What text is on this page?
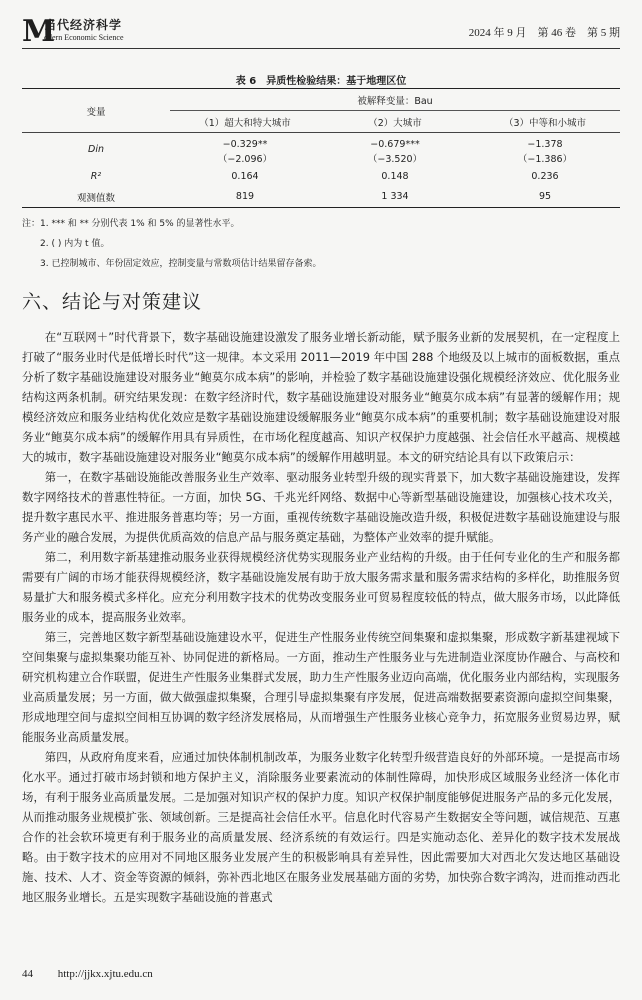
M
当代经济科学
odern Economic Science	2024 年 9 月　第 46 卷　第 5 期
表 6　异质性检验结果：基于地理区位
变量	被解释变量：Bau		
	（1）超大和特大城市	（2）大城市	（3）中等和小城市
Din	−0.329**	−0.679***	−1.378
	（−2.096）	（−3.520）	（−1.386）
R²	0.164	0.148	0.236
观测值数	819	1 334	95
注：1. *** 和 ** 分别代表 1% 和 5% 的显著性水平。
2. ( ) 内为 t 值。
3. 已控制城市、年份固定效应，控制变量与常数项估计结果留存备索。
六、结论与对策建议

在“互联网＋”时代背景下，数字基础设施建设激发了服务业增长新动能，赋予服务业新的发展契机，在一定程度上打破了“服务业时代是低增长时代”这一规律。本文采用 2011—2019 年中国 288 个地级及以上城市的面板数据，重点分析了数字基础设施建设对服务业“鲍莫尔成本病”的影响，并检验了数字基础设施建设强化规模经济效应、优化服务业结构这两条机制。研究结果发现：在数字经济时代，数字基础设施建设对服务业“鲍莫尔成本病”有显著的缓解作用；规模经济效应和服务业结构优化效应是数字基础设施建设缓解服务业“鲍莫尔成本病”的重要机制；数字基础设施建设对服务业“鲍莫尔成本病”的缓解作用具有异质性，在市场化程度越高、知识产权保护力度越强、社会信任水平越高、规模越大的城市，数字基础设施建设对服务业“鲍莫尔成本病”的缓解作用越明显。本文的研究结论具有以下政策启示：

第一，在数字基础设施能改善服务业生产效率、驱动服务业转型升级的现实背景下，加大数字基础设施建设，发挥数字网络技术的普惠性特征。一方面，加快 5G、千兆光纤网络、数据中心等新型基础设施建设，加强核心技术攻关，提升数字惠民水平、推进服务普惠均等；另一方面，重视传统数字基础设施改造升级，积极促进数字基础设施建设与服务产业的融合发展，为提供优质高效的信息产品与服务奠定基础，为整体产业效率的提升赋能。

第二，利用数字新基建推动服务业获得规模经济优势实现服务业产业结构的升级。由于任何专业化的生产和服务都需要有广阔的市场才能获得规模经济，数字基础设施发展有助于放大服务需求量和服务需求结构的多样化，助推服务贸易量扩大和服务模式多样化。应充分利用数字技术的优势改变服务业可贸易程度较低的特点，做大服务市场，以此降低服务业的成本，提高服务业效率。

第三，完善地区数字新型基础设施建设水平，促进生产性服务业传统空间集聚和虚拟集聚，形成数字新基建视域下空间集聚与虚拟集聚功能互补、协同促进的新格局。一方面，推动生产性服务业与先进制造业深度协作融合、与高校和研究机构建立合作联盟，促进生产性服务业集群式发展，助力生产性服务业迈向高端，优化服务业内部结构，实现服务业高质量发展；另一方面，做大做强虚拟集聚，合理引导虚拟集聚有序发展，促进高端数据要素资源向虚拟空间集聚，形成地理空间与虚拟空间相互协调的数字经济发展格局，从而增强生产性服务业核心竞争力，拓宽服务业贸易边界，赋能服务业高质量发展。

第四，从政府角度来看，应通过加快体制机制改革，为服务业数字化转型升级营造良好的外部环境。一是提高市场化水平。通过打破市场封锁和地方保护主义，消除服务业要素流动的体制性障碍，加快形成区域服务业经济一体化市场，有利于服务业高质量发展。二是加强对知识产权的保护力度。知识产权保护制度能够促进服务产品的多元化发展，从而推动服务业规模扩张、领域创新。三是提高社会信任水平。信息化时代容易产生数据安全等问题，诚信规范、互惠合作的社会软环境更有利于服务业的高质量发展、经济系统的有效运行。四是实施动态化、差异化的数字技术发展战略。由于数字技术的应用对不同地区服务业发展产生的积极影响具有差异性，因此需要加大对西北欠发达地区基础设施、技术、人才、资金等资源的倾斜，弥补西北地区在服务业发展基础方面的劣势，加快弥合数字鸿沟，进而推动西北地区服务业增长。五是实现数字基础设施的普惠式

44 http://jjkx.xjtu.edu.cn
